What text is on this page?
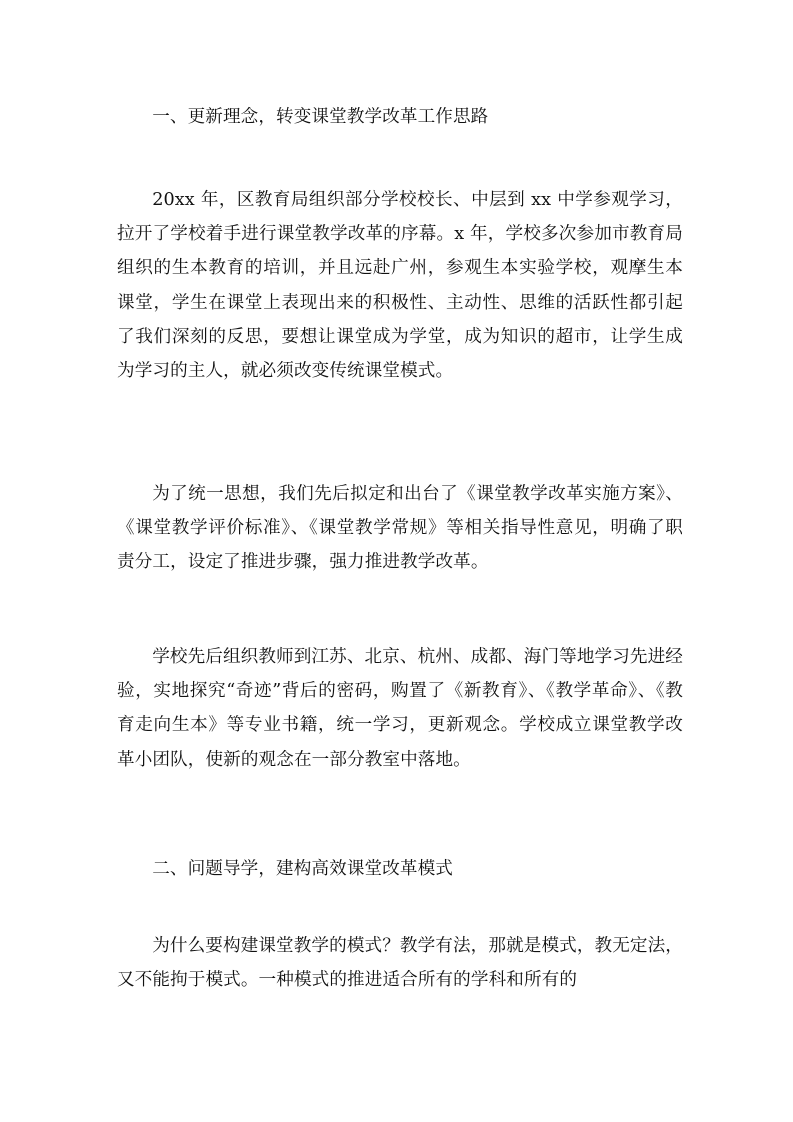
一、更新理念，转变课堂教学改革工作思路

20xx 年，区教育局组织部分学校校长、中层到 xx 中学参观学习，拉开了学校着手进行课堂教学改革的序幕。x 年，学校多次参加市教育局组织的生本教育的培训，并且远赴广州，参观生本实验学校，观摩生本课堂，学生在课堂上表现出来的积极性、主动性、思维的活跃性都引起了我们深刻的反思，要想让课堂成为学堂，成为知识的超市，让学生成为学习的主人，就必须改变传统课堂模式。

为了统一思想，我们先后拟定和出台了《课堂教学改革实施方案》、《课堂教学评价标准》、《课堂教学常规》等相关指导性意见，明确了职责分工，设定了推进步骤，强力推进教学改革。

学校先后组织教师到江苏、北京、杭州、成都、海门等地学习先进经验，实地探究“奇迹”背后的密码，购置了《新教育》、《教学革命》、《教育走向生本》等专业书籍，统一学习，更新观念。学校成立课堂教学改革小团队，使新的观念在一部分教室中落地。

二、问题导学，建构高效课堂改革模式

为什么要构建课堂教学的模式？教学有法，那就是模式，教无定法，又不能拘于模式。一种模式的推进适合所有的学科和所有的
